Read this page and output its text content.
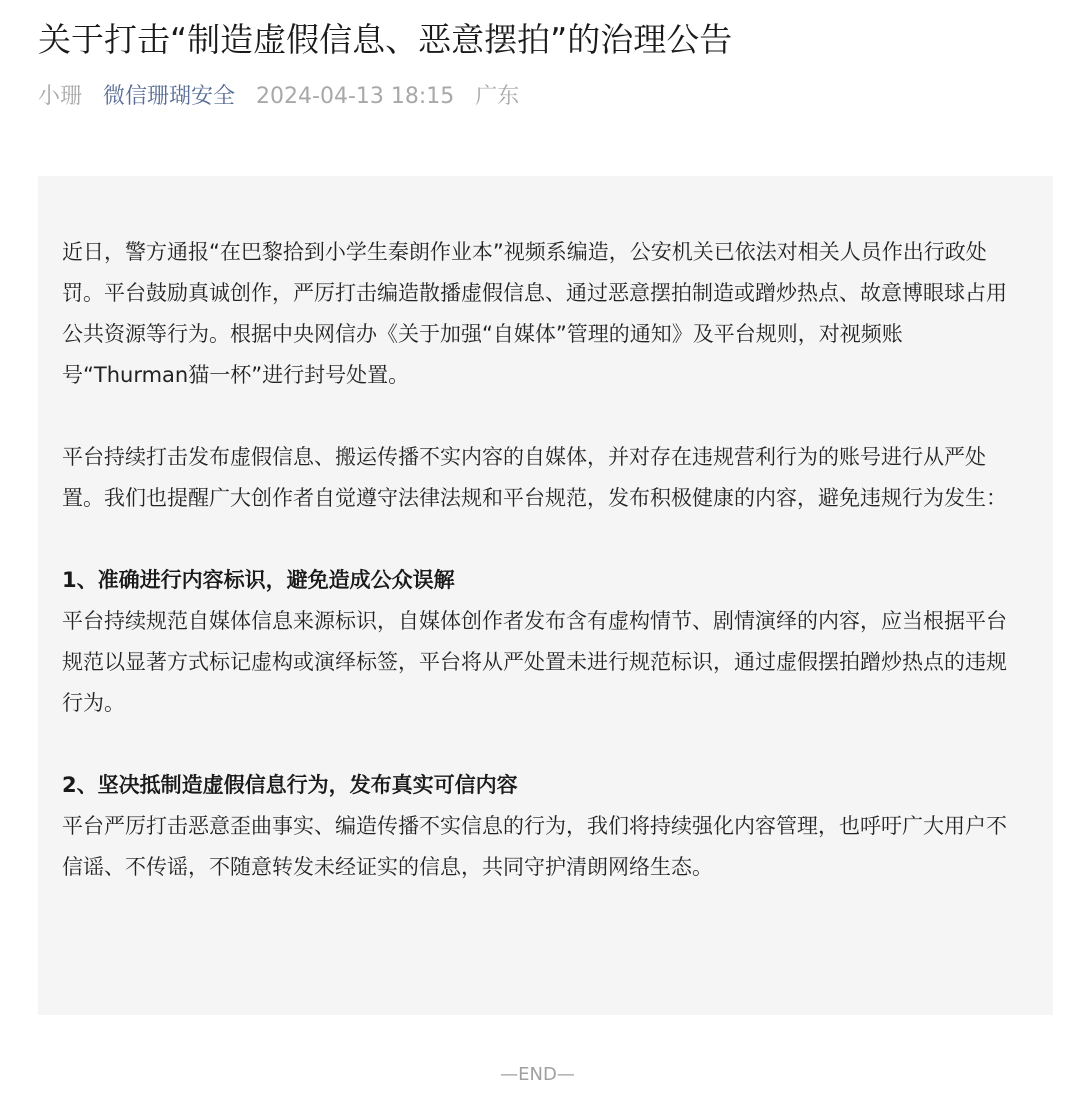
关于打击“制造虚假信息、恶意摆拍”的治理公告
小珊 微信珊瑚安全 2024-04-13 18:15 广东

近日，警方通报“在巴黎拾到小学生秦朗作业本”视频系编造，公安机关已依法对相关人员作出行政处罚。平台鼓励真诚创作，严厉打击编造散播虚假信息、通过恶意摆拍制造或蹭炒热点、故意博眼球占用公共资源等行为。根据中央网信办《关于加强“自媒体”管理的通知》及平台规则，对视频账号“Thurman猫一杯”进行封号处置。

平台持续打击发布虚假信息、搬运传播不实内容的自媒体，并对存在违规营利行为的账号进行从严处置。我们也提醒广大创作者自觉遵守法律法规和平台规范，发布积极健康的内容，避免违规行为发生：

1、准确进行内容标识，避免造成公众误解

平台持续规范自媒体信息来源标识，自媒体创作者发布含有虚构情节、剧情演绎的内容，应当根据平台规范以显著方式标记虚构或演绎标签，平台将从严处置未进行规范标识，通过虚假摆拍蹭炒热点的违规行为。

2、坚决抵制造虚假信息行为，发布真实可信内容

平台严厉打击恶意歪曲事实、编造传播不实信息的行为，我们将持续强化内容管理，也呼吁广大用户不信谣、不传谣，不随意转发未经证实的信息，共同守护清朗网络生态。

—END—
